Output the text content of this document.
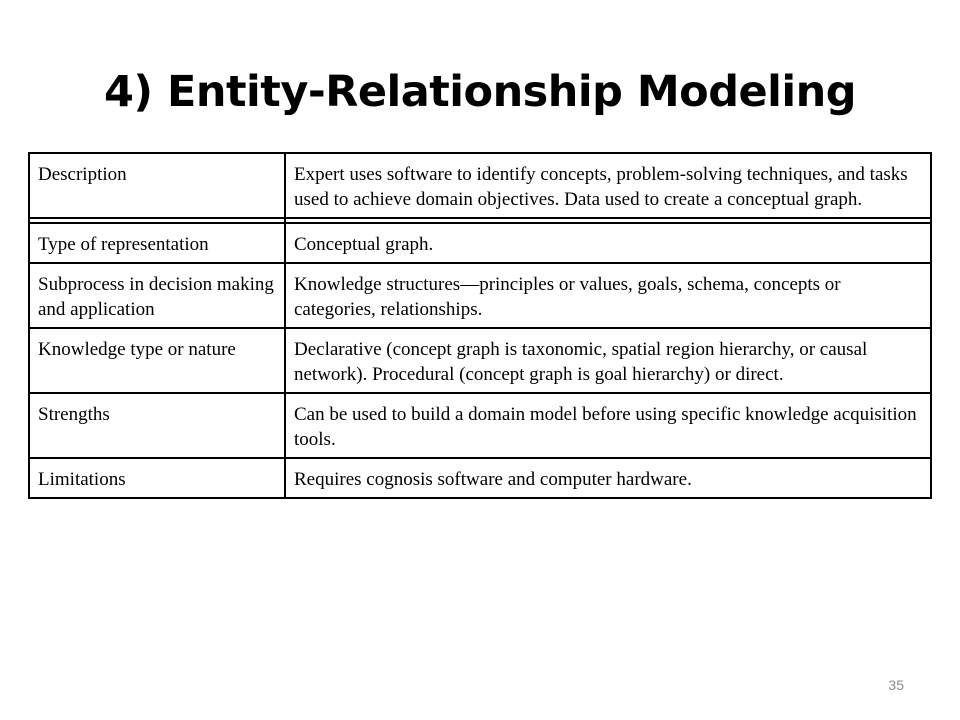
4) Entity-Relationship Modeling
Description	Expert uses software to identify concepts, problem-solving techniques, and tasks used to achieve domain objectives. Data used to create a conceptual graph.

Type of representation	Conceptual graph.
Subprocess in decision making and application	Knowledge structures—principles or values, goals, schema, concepts or categories, relationships.
Knowledge type or nature	Declarative (concept graph is taxonomic, spatial region hierarchy, or causal network). Procedural (concept graph is goal hierarchy) or direct.
Strengths	Can be used to build a domain model before using specific knowledge acquisition tools.
Limitations	Requires cognosis software and computer hardware.
35
